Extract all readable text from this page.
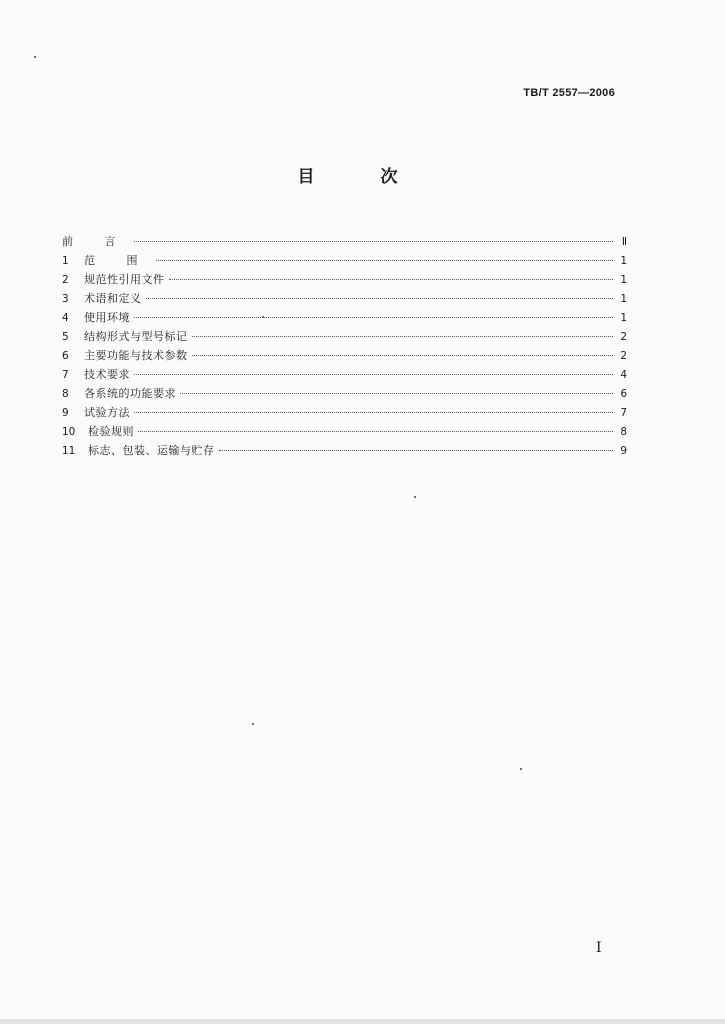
TB/T 2557—2006
目 次
前 言	Ⅱ
1	范 围	1
2	规范性引用文件	1
3	术语和定义	1
4	使用环境	1
5	结构形式与型号标记	2
6	主要功能与技术参数	2
7	技术要求	4
8	各系统的功能要求	6
9	试验方法	7
10	检验规则	8
11	标志、包装、运输与贮存	9
I
